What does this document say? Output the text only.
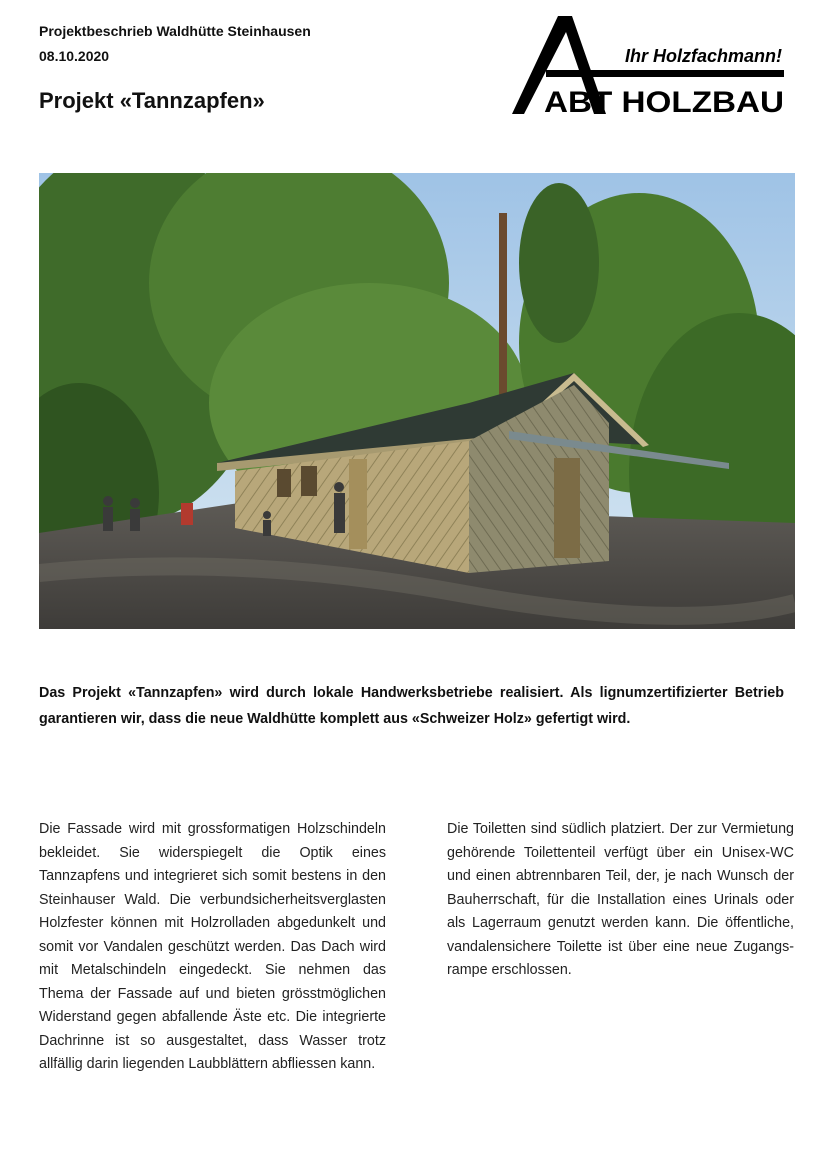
Projektbeschrieb Waldhütte Steinhausen
08.10.2020
Projekt «Tannzapfen»
Ihr Holzfachmann!
ABT HOLZBAU
Das Projekt «Tannzapfen» wird durch lokale Handwerksbetriebe realisiert. Als lignumzertifizierter Betrieb garantieren wir, dass die neue Waldhütte komplett aus «Schweizer Holz» gefertigt wird.
Die Fassade wird mit grossformatigen Holzschindeln bekleidet. Sie widerspiegelt die Optik eines Tannzapfens und integrieret sich somit bestens in den Steinhauser Wald. Die verbundsicherheitsverglasten Holzfester können mit Holzrolladen abgedunkelt und somit vor Vandalen geschützt werden. Das Dach wird mit Metalschindeln eingedeckt. Sie nehmen das Thema der Fassade auf und bieten grösstmöglichen Widerstand gegen abfallende Äste etc. Die integrierte Dachrinne ist so ausgestaltet, dass Wasser trotz allfällig darin liegenden Laubblättern abfliessen kann.
Die Toiletten sind südlich platziert. Der zur Vermietung gehörende Toilettenteil verfügt über ein Unisex-WC und einen abtrennbaren Teil, der, je nach Wunsch der Bauherrschaft, für die Installation eines Urinals oder als Lagerraum genutzt werden kann. Die öffentliche, vandalensichere Toilette ist über eine neue Zugangsrampe erschlossen.
